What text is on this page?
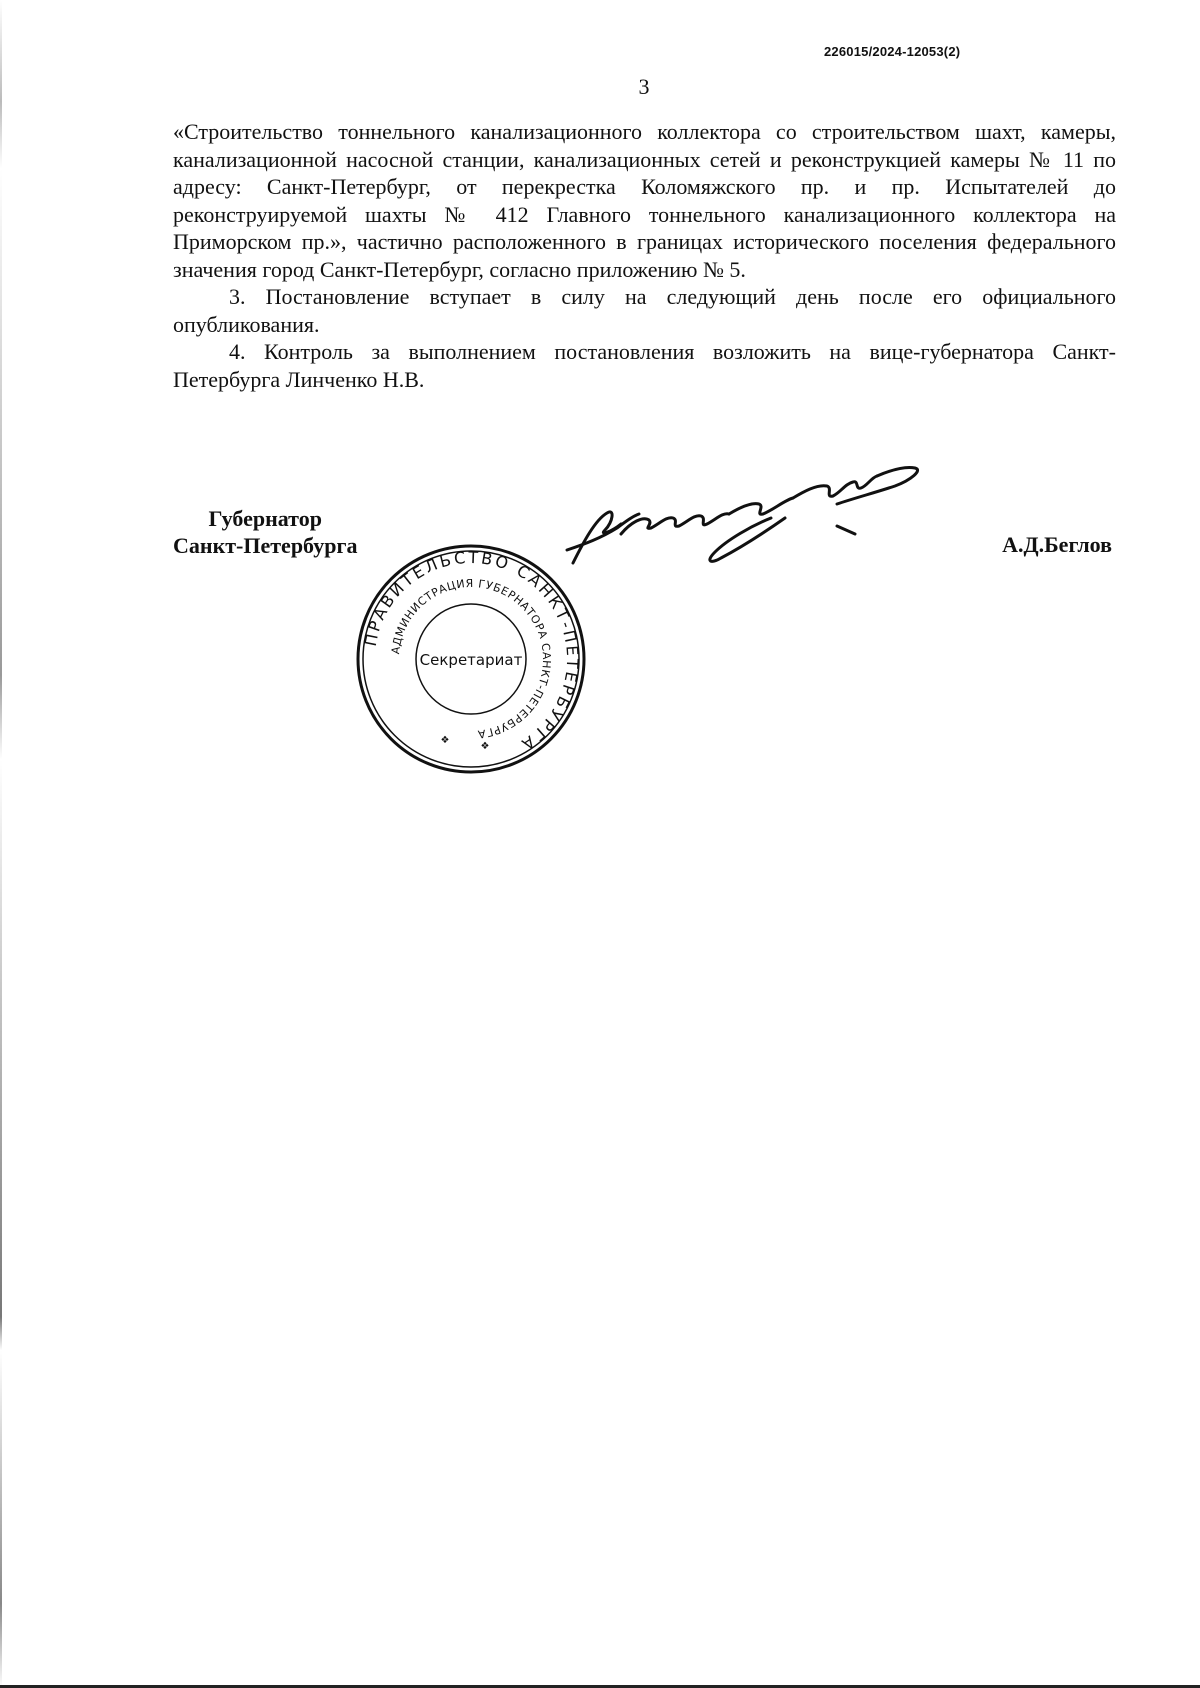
226015/2024-12053(2)
3

«Строительство тоннельного канализационного коллектора со строительством шахт, камеры, канализационной насосной станции, канализационных сетей и реконструкцией камеры № 11 по адресу: Санкт-Петербург, от перекрестка Коломяжского пр. и пр. Испытателей до реконструируемой шахты № 412 Главного тоннельного канализационного коллектора на Приморском пр.», частично расположенного в границах исторического поселения федерального значения город Санкт-Петербург, согласно приложению № 5.

3. Постановление вступает в силу на следующий день после его официального опубликования.

4. Контроль за выполнением постановления возложить на вице-губернатора Санкт-Петербурга Линченко Н.В.

Губернатор
Санкт-Петербурга
ПРАВИТЕЛЬСТВО САНКТ-ПЕТЕРБУРГА
АДМИНИСТРАЦИЯ ГУБЕРНАТОРА САНКТ-ПЕТЕРБУРГА
Секретариат
❖
❖
А.Д.Беглов
